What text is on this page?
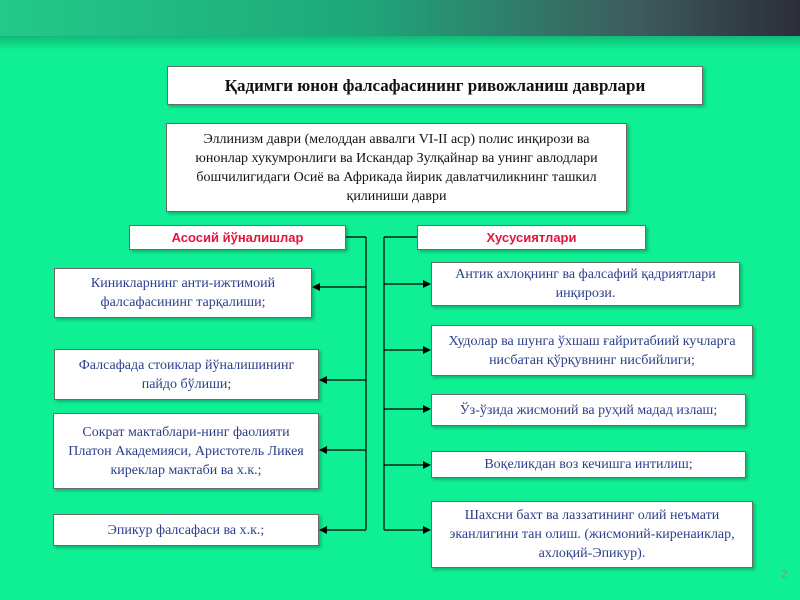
Қадимги юнон фалсафасининг ривожланиш даврлари
Эллинизм даври (мелоддан аввалги VI-II аср) полис инқирози ва юнонлар хукумронлиги ва Искандар Зулқайнар ва унинг авлодлари бошчилигидаги Осиё ва Африкада йирик давлатчиликнинг ташкил қилиниши даври
Асосий йўналишлар	Хусусиятлари
Киникларнинг анти-ижтимоий фалсафасининг тарқалиши;
Фалсафада стоиклар йўналишининг пайдо бўлиши;
Сократ мактаблари-нинг фаолияти Платон Академияси, Аристотель Ликея киреклар мактаби ва х.к.;
Эпикур фалсафаси ва х.к.;
Антик ахлоқнинг ва фалсафий қадриятлари инқирози.
Худолар ва шунга ўхшаш ғайритабиий кучларга нисбатан қўрқувнинг нисбийлиги;
Ўз-ўзида жисмоний ва руҳий мадад излаш;
Воқеликдан воз кечишга интилиш;
Шахсни бахт ва лаззатининг олий неъмати эканлигини тан олиш. (жисмоний-киренаиклар, ахлоқий-Эпикур).
2
